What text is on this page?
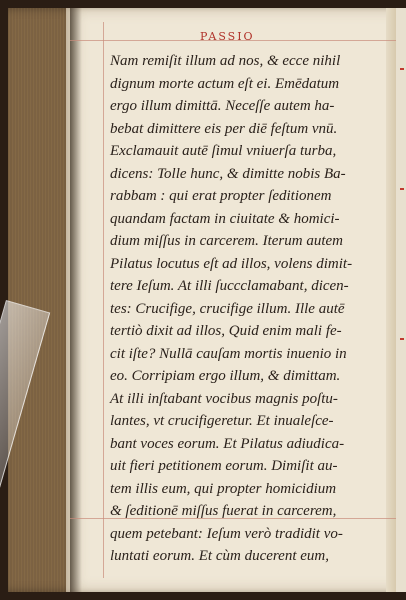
PASSIO
Nam remiſit illum ad nos, & ecce nihil
dignum morte actum eſt ei. Emēdatum
ergo illum dimittā. Neceſſe autem ha-
bebat dimittere eis per diē feſtum vnū.
Exclamauit autē ſimul vniuerſa turba,
dicens: Tolle hunc, & dimitte nobis Ba-
rabbam : qui erat propter ſeditionem
quandam factam in ciuitate & homici-
dium miſſus in carcerem. Iterum autem
Pilatus locutus eſt ad illos, volens dimit-
tere Ieſum. At illi ſuccclamabant, dicen-
tes: Crucifige, crucifige illum. Ille autē
tertiò dixit ad illos, Quid enim mali fe-
cit iſte? Nullā cauſam mortis inuenio in
eo. Corripiam ergo illum, & dimittam.
At illi inſtabant vocibus magnis poſtu-
lantes, vt crucifigeretur. Et inualeſce-
bant voces eorum. Et Pilatus adiudica-
uit fieri petitionem eorum. Dimiſit au-
tem illis eum, qui propter homicidium
& ſeditionē miſſus fuerat in carcerem,
quem petebant: Ieſum verò tradidit vo-
luntati eorum. Et cùm ducerent eum,
